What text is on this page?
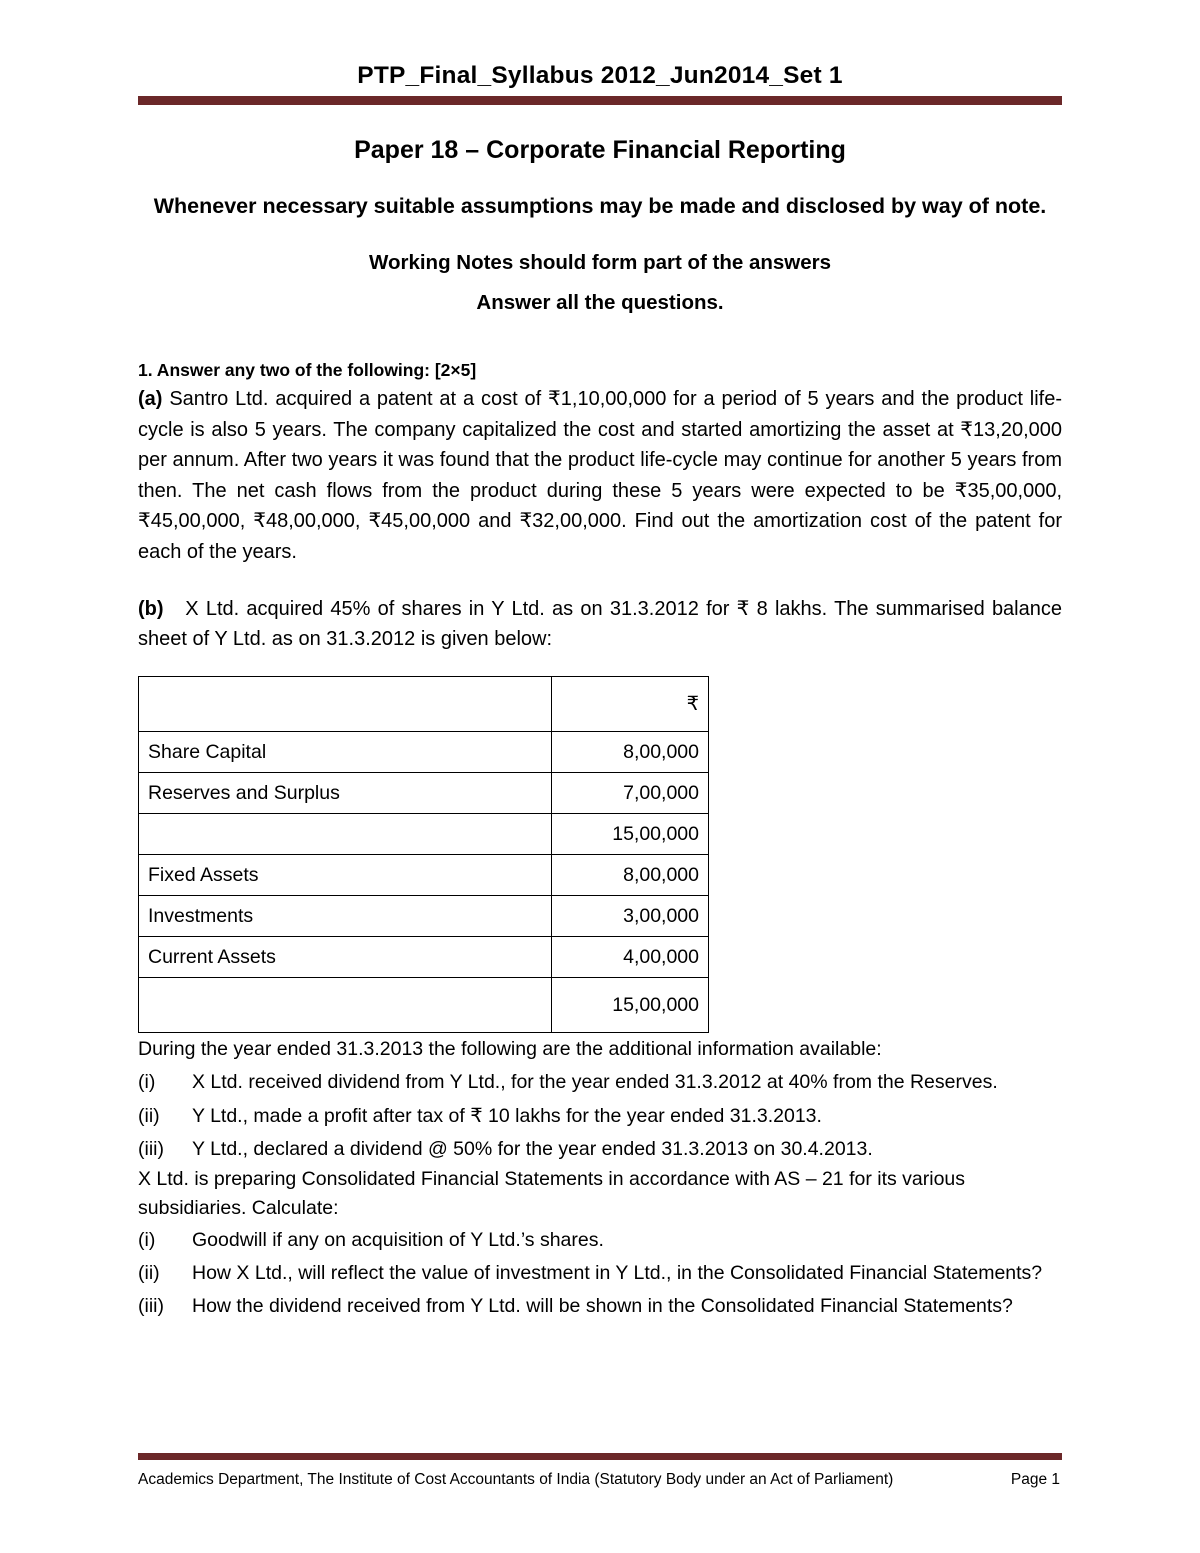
PTP_Final_Syllabus 2012_Jun2014_Set 1
Paper 18 – Corporate Financial Reporting
Whenever necessary suitable assumptions may be made and disclosed by way of note.
Working Notes should form part of the answers
Answer all the questions.
1. Answer any two of the following: [2×5]
(a) Santro Ltd. acquired a patent at a cost of ₹1,10,00,000 for a period of 5 years and the product life-cycle is also 5 years. The company capitalized the cost and started amortizing the asset at ₹13,20,000 per annum. After two years it was found that the product life-cycle may continue for another 5 years from then. The net cash flows from the product during these 5 years were expected to be ₹35,00,000, ₹45,00,000, ₹48,00,000, ₹45,00,000 and ₹32,00,000. Find out the amortization cost of the patent for each of the years.
(b) X Ltd. acquired 45% of shares in Y Ltd. as on 31.3.2012 for ₹ 8 lakhs. The summarised balance sheet of Y Ltd. as on 31.3.2012 is given below:
	₹
Share Capital	8,00,000
Reserves and Surplus	7,00,000
	15,00,000
Fixed Assets	8,00,000
Investments	3,00,000
Current Assets	4,00,000
	15,00,000
During the year ended 31.3.2013 the following are the additional information available:
(i)	X Ltd. received dividend from Y Ltd., for the year ended 31.3.2012 at 40% from the Reserves.
(ii)	Y Ltd., made a profit after tax of ₹ 10 lakhs for the year ended 31.3.2013.
(iii)	Y Ltd., declared a dividend @ 50% for the year ended 31.3.2013 on 30.4.2013.
X Ltd. is preparing Consolidated Financial Statements in accordance with AS – 21 for its various
subsidiaries. Calculate:
(i)	Goodwill if any on acquisition of Y Ltd.’s shares.
(ii)	How X Ltd., will reflect the value of investment in Y Ltd., in the Consolidated Financial Statements?
(iii)	How the dividend received from Y Ltd. will be shown in the Consolidated Financial Statements?
Academics Department, The Institute of Cost Accountants of India (Statutory Body under an Act of Parliament)	Page 1
